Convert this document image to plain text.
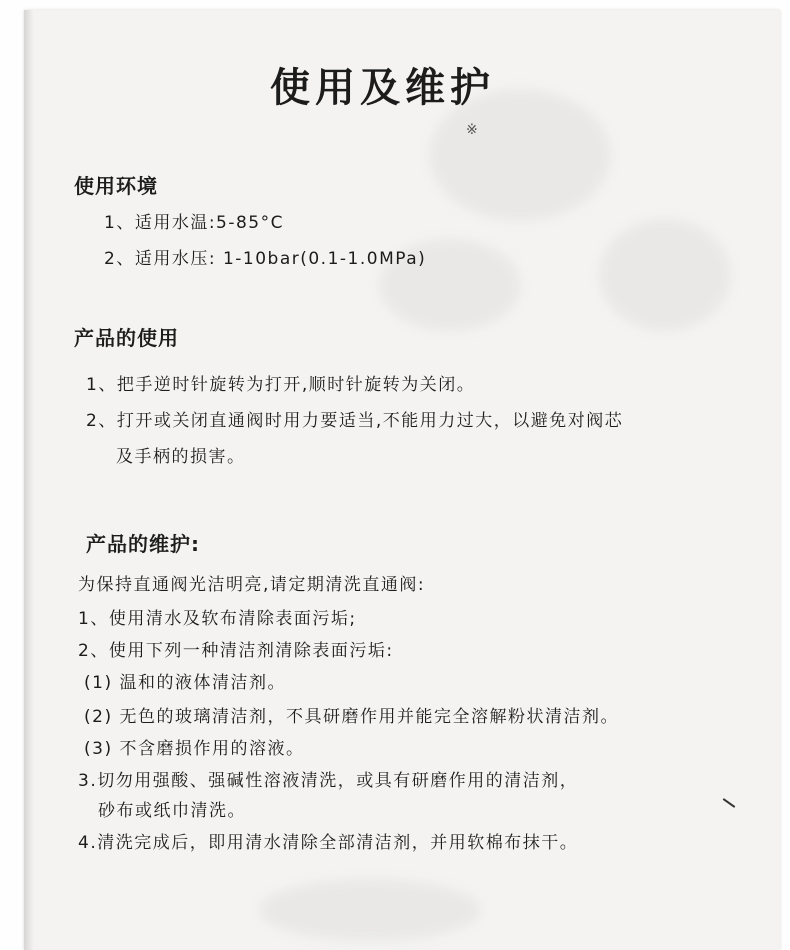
使用及维护
※
使用环境
1、适用水温:5-85°C
2、适用水压: 1-10bar(0.1-1.0MPa)
产品的使用
1、把手逆时针旋转为打开,顺时针旋转为关闭。
2、打开或关闭直通阀时用力要适当,不能用力过大，以避免对阀芯
及手柄的损害。
产品的维护:
为保持直通阀光洁明亮,请定期清洗直通阀:
1、使用清水及软布清除表面污垢;
2、使用下列一种清洁剂清除表面污垢:
(1) 温和的液体清洁剂。
(2) 无色的玻璃清洁剂，不具研磨作用并能完全溶解粉状清洁剂。
(3) 不含磨损作用的溶液。
3.切勿用强酸、强碱性溶液清洗，或具有研磨作用的清洁剂，
砂布或纸巾清洗。
4.清洗完成后，即用清水清除全部清洁剂，并用软棉布抹干。
